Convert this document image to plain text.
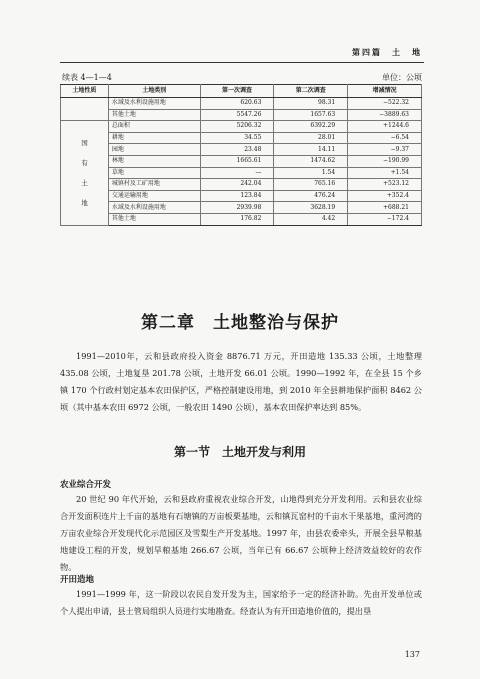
第四篇　土　地
续表 4—1—4	单位：公顷
土地性质	土地类别	第一次调查	第二次调查	增减情况
	水域及水利设施用地	620.63	98.31	−522.32
	其他土地	5547.26	1657.63	−3889.63

国
有
土
地	总面积	5206.32	6392.29	+1244.6
	耕地	34.55	28.01	−6.54
	园地	23.48	14.11	−9.37
	林地	1665.61	1474.62	−190.99
	草地	—	1.54	+1.54
	城镇村及工矿用地	242.04	765.16	+523.12
	交通运输用地	123.84	476.24	+352.4
	水域及水利设施用地	2939.98	3628.19	+688.21
	其他土地	176.82	4.42	−172.4
第二章　土地整治与保护

1991—2010年，云和县政府投入资金 8876.71 万元，开田造地 135.33 公顷，土地整理 435.08 公顷，土地复垦 201.78 公顷，土地开发 66.01 公顷。1990—1992 年，在全县 15 个乡镇 170 个行政村划定基本农田保护区，严格控制建设用地，到 2010 年全县耕地保护面积 8462 公顷（其中基本农田 6972 公顷，一般农田 1490 公顷），基本农田保护率达到 85%。

第一节　土地开发与利用
农业综合开发

20 世纪 90 年代开始，云和县政府重视农业综合开发，山地得到充分开发利用。云和县农业综合开发面积连片上千亩的基地有石塘镇的万亩板栗基地，云和镇瓦窑村的千亩水干果基地，重河湾的万亩农业综合开发现代化示范园区及雪梨生产开发基地。1997 年，由县农委牵头，开展全县旱粮基地建设工程的开发，规划旱粮基地 266.67 公顷，当年已有 66.67 公顷种上经济效益较好的农作物。

开田造地

1991—1999 年，这一阶段以农民自发开发为主，国家给予一定的经济补助。先由开发单位或个人提出申请，县土管局组织人员进行实地勘查。经查认为有开田造地价值的，提出垦

137
